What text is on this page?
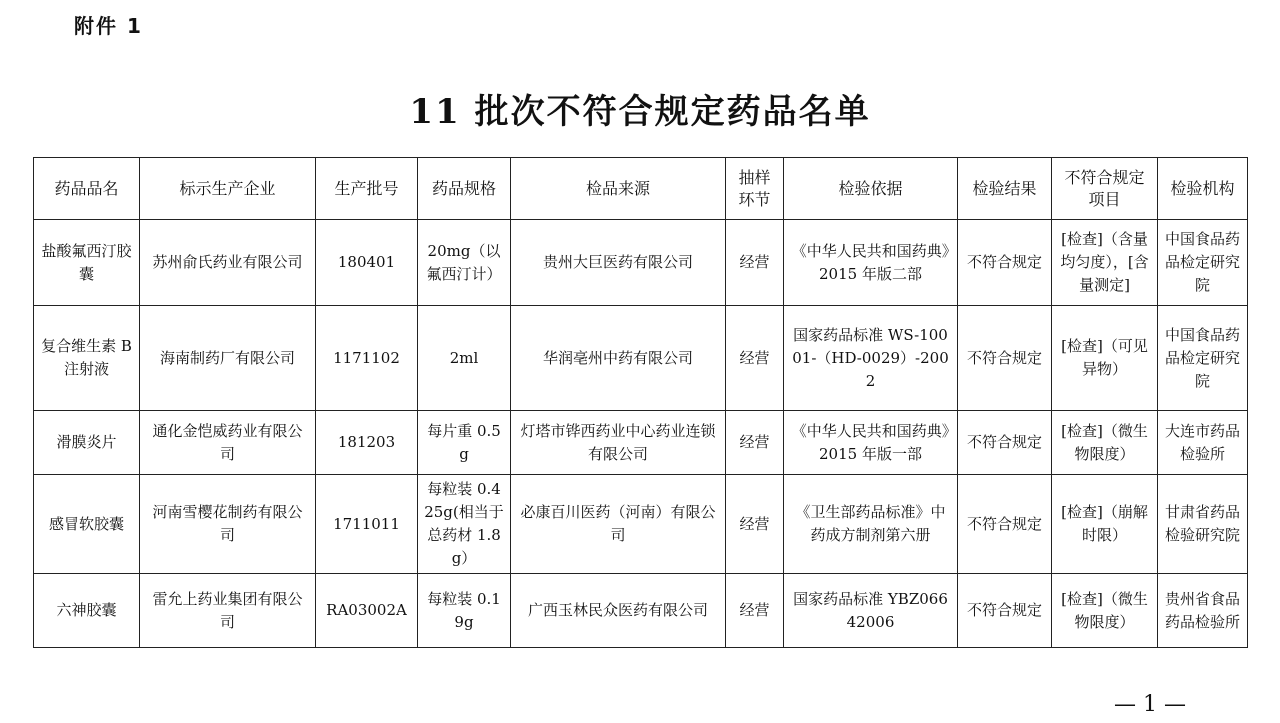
附件 1
11 批次不符合规定药品名单
药品品名	标示生产企业	生产批号	药品规格	检品来源	抽样环节	检验依据	检验结果	不符合规定项目	检验机构
盐酸氟西汀胶囊	苏州俞氏药业有限公司	180401	20mg（以氟西汀计）	贵州大巨医药有限公司	经营	《中华人民共和国药典》2015 年版二部	不符合规定	[检查]（含量均匀度），[含量测定]	中国食品药品检定研究院
复合维生素 B 注射液	海南制药厂有限公司	1171102	2ml	华润亳州中药有限公司	经营	国家药品标准 WS-10001-（HD-0029）-2002	不符合规定	[检查]（可见异物）	中国食品药品检定研究院
滑膜炎片	通化金恺威药业有限公司	181203	每片重 0.5g	灯塔市铧西药业中心药业连锁有限公司	经营	《中华人民共和国药典》2015 年版一部	不符合规定	[检查]（微生物限度）	大连市药品检验所
感冒软胶囊	河南雪樱花制药有限公司	1711011	每粒装 0.425g(相当于总药材 1.8g）	必康百川医药（河南）有限公司	经营	《卫生部药品标准》中药成方制剂第六册	不符合规定	[检查]（崩解时限）	甘肃省药品检验研究院
六神胶囊	雷允上药业集团有限公司	RA03002A	每粒装 0.19g	广西玉林民众医药有限公司	经营	国家药品标准 YBZ06642006	不符合规定	[检查]（微生物限度）	贵州省食品药品检验所
— 1 —
